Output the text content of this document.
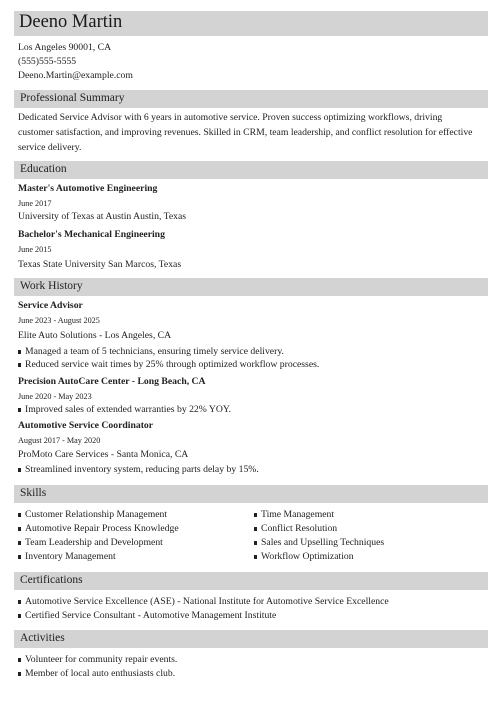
Deeno Martin
Los Angeles 90001, CA
(555)555-5555
Deeno.Martin@example.com
Professional Summary
Dedicated Service Advisor with 6 years in automotive service. Proven success optimizing workflows, driving customer satisfaction, and improving revenues. Skilled in CRM, team leadership, and conflict resolution for effective service delivery.
Education
Master's Automotive Engineering
June 2017
University of Texas at Austin Austin, Texas
Bachelor's Mechanical Engineering
June 2015
Texas State University San Marcos, Texas
Work History
Service Advisor
June 2023 - August 2025
Elite Auto Solutions - Los Angeles, CA
Managed a team of 5 technicians, ensuring timely service delivery.
Reduced service wait times by 25% through optimized workflow processes.
Precision AutoCare Center - Long Beach, CA
June 2020 - May 2023
Improved sales of extended warranties by 22% YOY.
Automotive Service Coordinator
August 2017 - May 2020
ProMoto Care Services - Santa Monica, CA
Streamlined inventory system, reducing parts delay by 15%.
Skills
Customer Relationship Management
Automotive Repair Process Knowledge
Team Leadership and Development
Inventory Management
Time Management
Conflict Resolution
Sales and Upselling Techniques
Workflow Optimization
Certifications
Automotive Service Excellence (ASE) - National Institute for Automotive Service Excellence
Certified Service Consultant - Automotive Management Institute
Activities
Volunteer for community repair events.
Member of local auto enthusiasts club.
